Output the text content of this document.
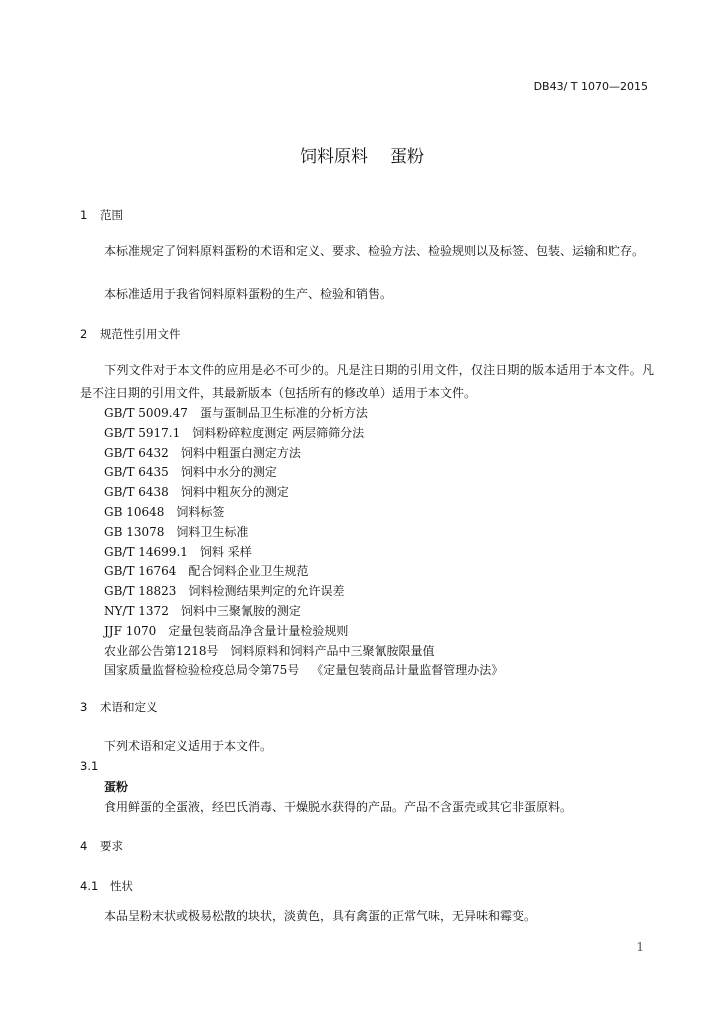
DB43/ T 1070—2015
饲料原料 蛋粉
1 范围
本标准规定了饲料原料蛋粉的术语和定义、要求、检验方法、检验规则以及标签、包装、运输和贮存。
本标准适用于我省饲料原料蛋粉的生产、检验和销售。
2 规范性引用文件
下列文件对于本文件的应用是必不可少的。凡是注日期的引用文件，仅注日期的版本适用于本文件。凡是不注日期的引用文件，其最新版本（包括所有的修改单）适用于本文件。
GB/T 5009.47 蛋与蛋制品卫生标准的分析方法
GB/T 5917.1 饲料粉碎粒度测定 两层筛筛分法
GB/T 6432 饲料中粗蛋白测定方法
GB/T 6435 饲料中水分的测定
GB/T 6438 饲料中粗灰分的测定
GB 10648 饲料标签
GB 13078 饲料卫生标准
GB/T 14699.1 饲料 采样
GB/T 16764 配合饲料企业卫生规范
GB/T 18823 饲料检测结果判定的允许误差
NY/T 1372 饲料中三聚氰胺的测定
JJF 1070 定量包装商品净含量计量检验规则
农业部公告第1218号 饲料原料和饲料产品中三聚氰胺限量值
国家质量监督检验检疫总局令第75号 《定量包装商品计量监督管理办法》
3 术语和定义
下列术语和定义适用于本文件。
3.1
蛋粉
食用鲜蛋的全蛋液，经巴氏消毒、干燥脱水获得的产品。产品不含蛋壳或其它非蛋原料。
4 要求
4.1 性状
本品呈粉末状或极易松散的块状，淡黄色，具有禽蛋的正常气味，无异味和霉变。
1
